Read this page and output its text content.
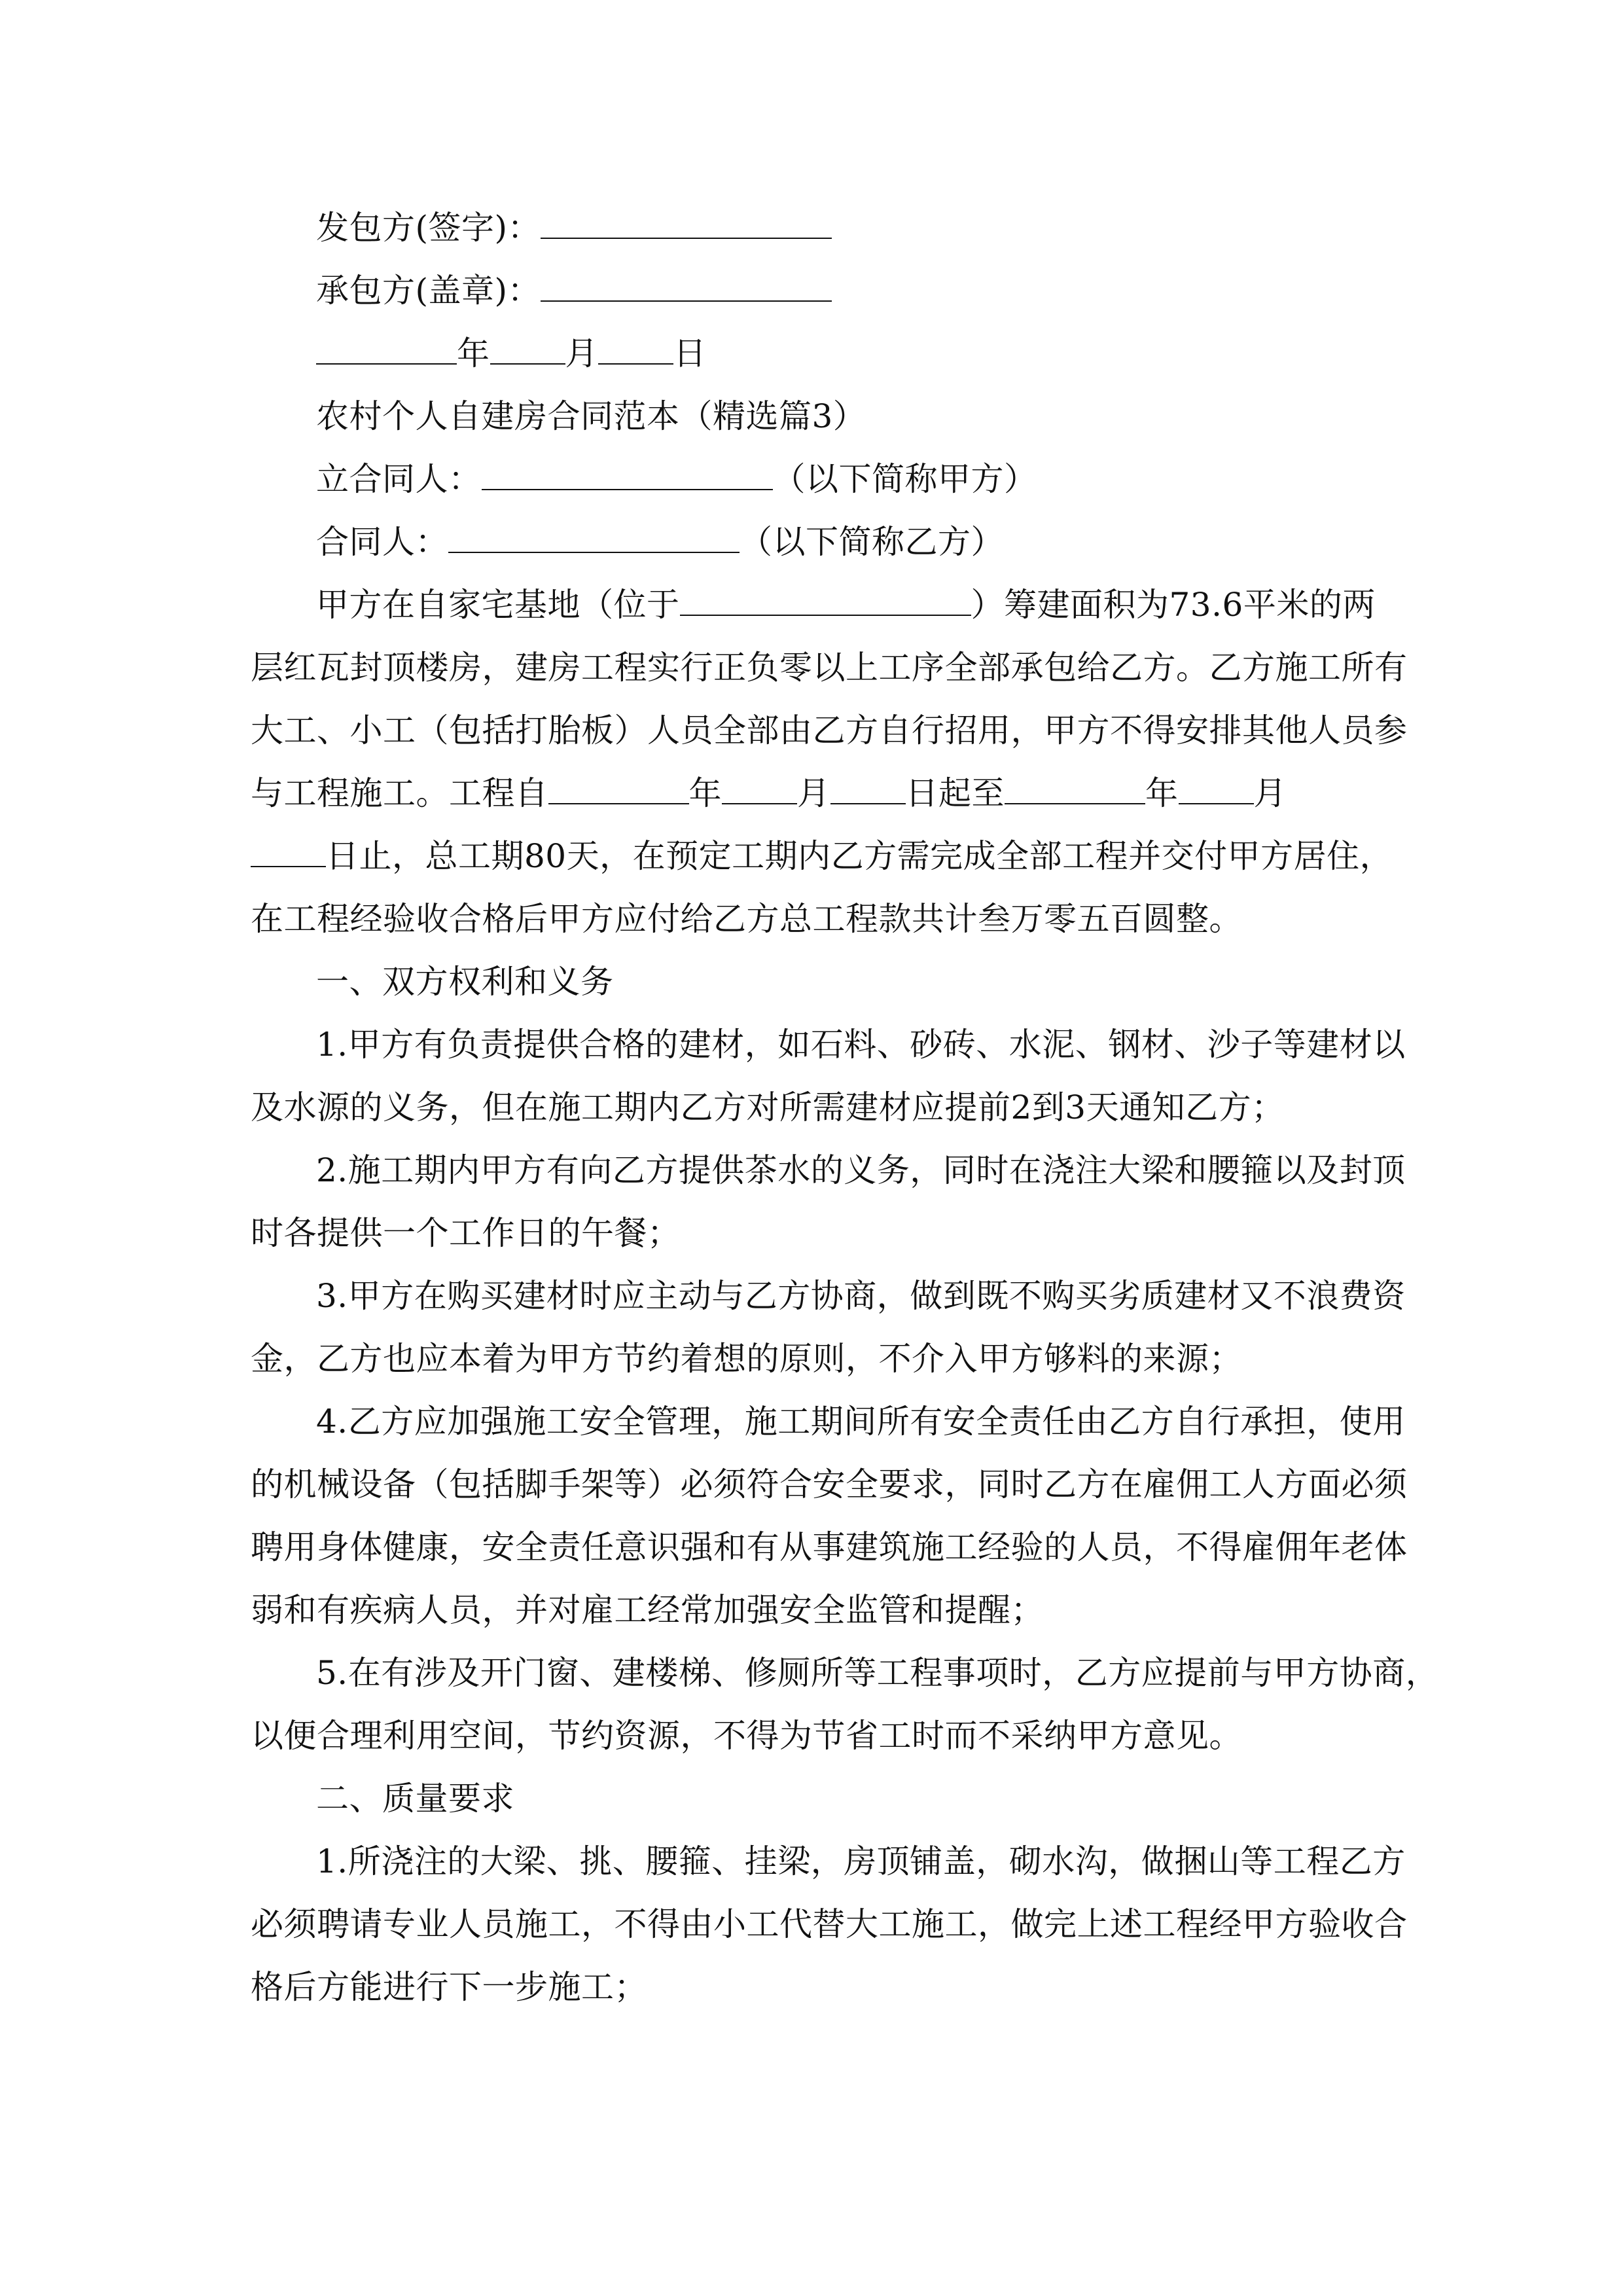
发包方(签字)：
承包方(盖章)：
年 月 日
农村个人自建房合同范本（精选篇3）
立合同人：	（以下简称甲方）
合同人：	（以下简称乙方）
甲方在自家宅基地（位于	）筹建面积为73.6平米的两
层红瓦封顶楼房，建房工程实行正负零以上工序全部承包给乙方。乙方施工所有
大工、小工（包括打胎板）人员全部由乙方自行招用，甲方不得安排其他人员参
与工程施工。工程自	年 月 日起至	年 月
日止，总工期80天，在预定工期内乙方需完成全部工程并交付甲方居住，
在工程经验收合格后甲方应付给乙方总工程款共计叁万零五百圆整。
一、双方权利和义务
1.甲方有负责提供合格的建材，如石料、砂砖、水泥、钢材、沙子等建材以
及水源的义务，但在施工期内乙方对所需建材应提前2到3天通知乙方；
2.施工期内甲方有向乙方提供茶水的义务，同时在浇注大梁和腰箍以及封顶
时各提供一个工作日的午餐；
3.甲方在购买建材时应主动与乙方协商，做到既不购买劣质建材又不浪费资
金，乙方也应本着为甲方节约着想的原则，不介入甲方够料的来源；
4.乙方应加强施工安全管理，施工期间所有安全责任由乙方自行承担，使用
的机械设备（包括脚手架等）必须符合安全要求，同时乙方在雇佣工人方面必须
聘用身体健康，安全责任意识强和有从事建筑施工经验的人员，不得雇佣年老体
弱和有疾病人员，并对雇工经常加强安全监管和提醒；
5.在有涉及开门窗、建楼梯、修厕所等工程事项时，乙方应提前与甲方协商，
以便合理利用空间，节约资源，不得为节省工时而不采纳甲方意见。
二、质量要求
1.所浇注的大梁、挑、腰箍、挂梁，房顶铺盖，砌水沟，做捆山等工程乙方
必须聘请专业人员施工，不得由小工代替大工施工，做完上述工程经甲方验收合
格后方能进行下一步施工；
